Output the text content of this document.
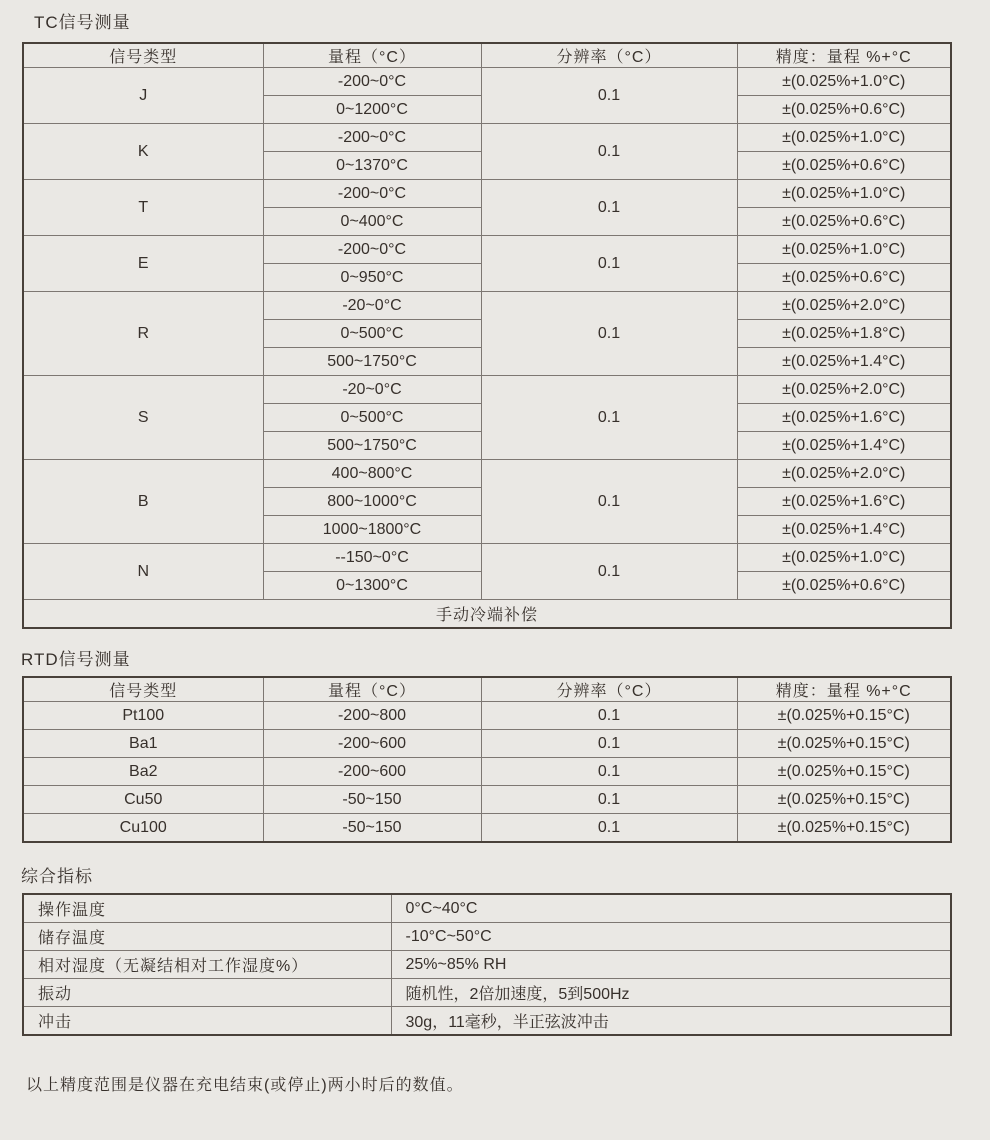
TC信号测量
信号类型	量程（°C）	分辨率（°C）	精度：量程 %+°C
J	-200~0°C	0.1	±(0.025%+1.0°C)
	0~1200°C		±(0.025%+0.6°C)
K	-200~0°C	0.1	±(0.025%+1.0°C)
	0~1370°C		±(0.025%+0.6°C)
T	-200~0°C	0.1	±(0.025%+1.0°C)
	0~400°C		±(0.025%+0.6°C)
E	-200~0°C	0.1	±(0.025%+1.0°C)
	0~950°C		±(0.025%+0.6°C)
R	-20~0°C	0.1	±(0.025%+2.0°C)
	0~500°C		±(0.025%+1.8°C)
	500~1750°C		±(0.025%+1.4°C)
S	-20~0°C	0.1	±(0.025%+2.0°C)
	0~500°C		±(0.025%+1.6°C)
	500~1750°C		±(0.025%+1.4°C)
B	400~800°C	0.1	±(0.025%+2.0°C)
	800~1000°C		±(0.025%+1.6°C)
	1000~1800°C		±(0.025%+1.4°C)
N	--150~0°C	0.1	±(0.025%+1.0°C)
	0~1300°C		±(0.025%+0.6°C)
手动冷端补偿			
RTD信号测量
信号类型	量程（°C）	分辨率（°C）	精度：量程 %+°C
Pt100	-200~800	0.1	±(0.025%+0.15°C)
Ba1	-200~600	0.1	±(0.025%+0.15°C)
Ba2	-200~600	0.1	±(0.025%+0.15°C)
Cu50	-50~150	0.1	±(0.025%+0.15°C)
Cu100	-50~150	0.1	±(0.025%+0.15°C)
综合指标
操作温度	0°C~40°C
储存温度	-10°C~50°C
相对湿度（无凝结相对工作湿度%）	25%~85% RH
振动	随机性，2倍加速度，5到500Hz
冲击	30g，11毫秒，半正弦波冲击
以上精度范围是仪器在充电结束(或停止)两小时后的数值。
